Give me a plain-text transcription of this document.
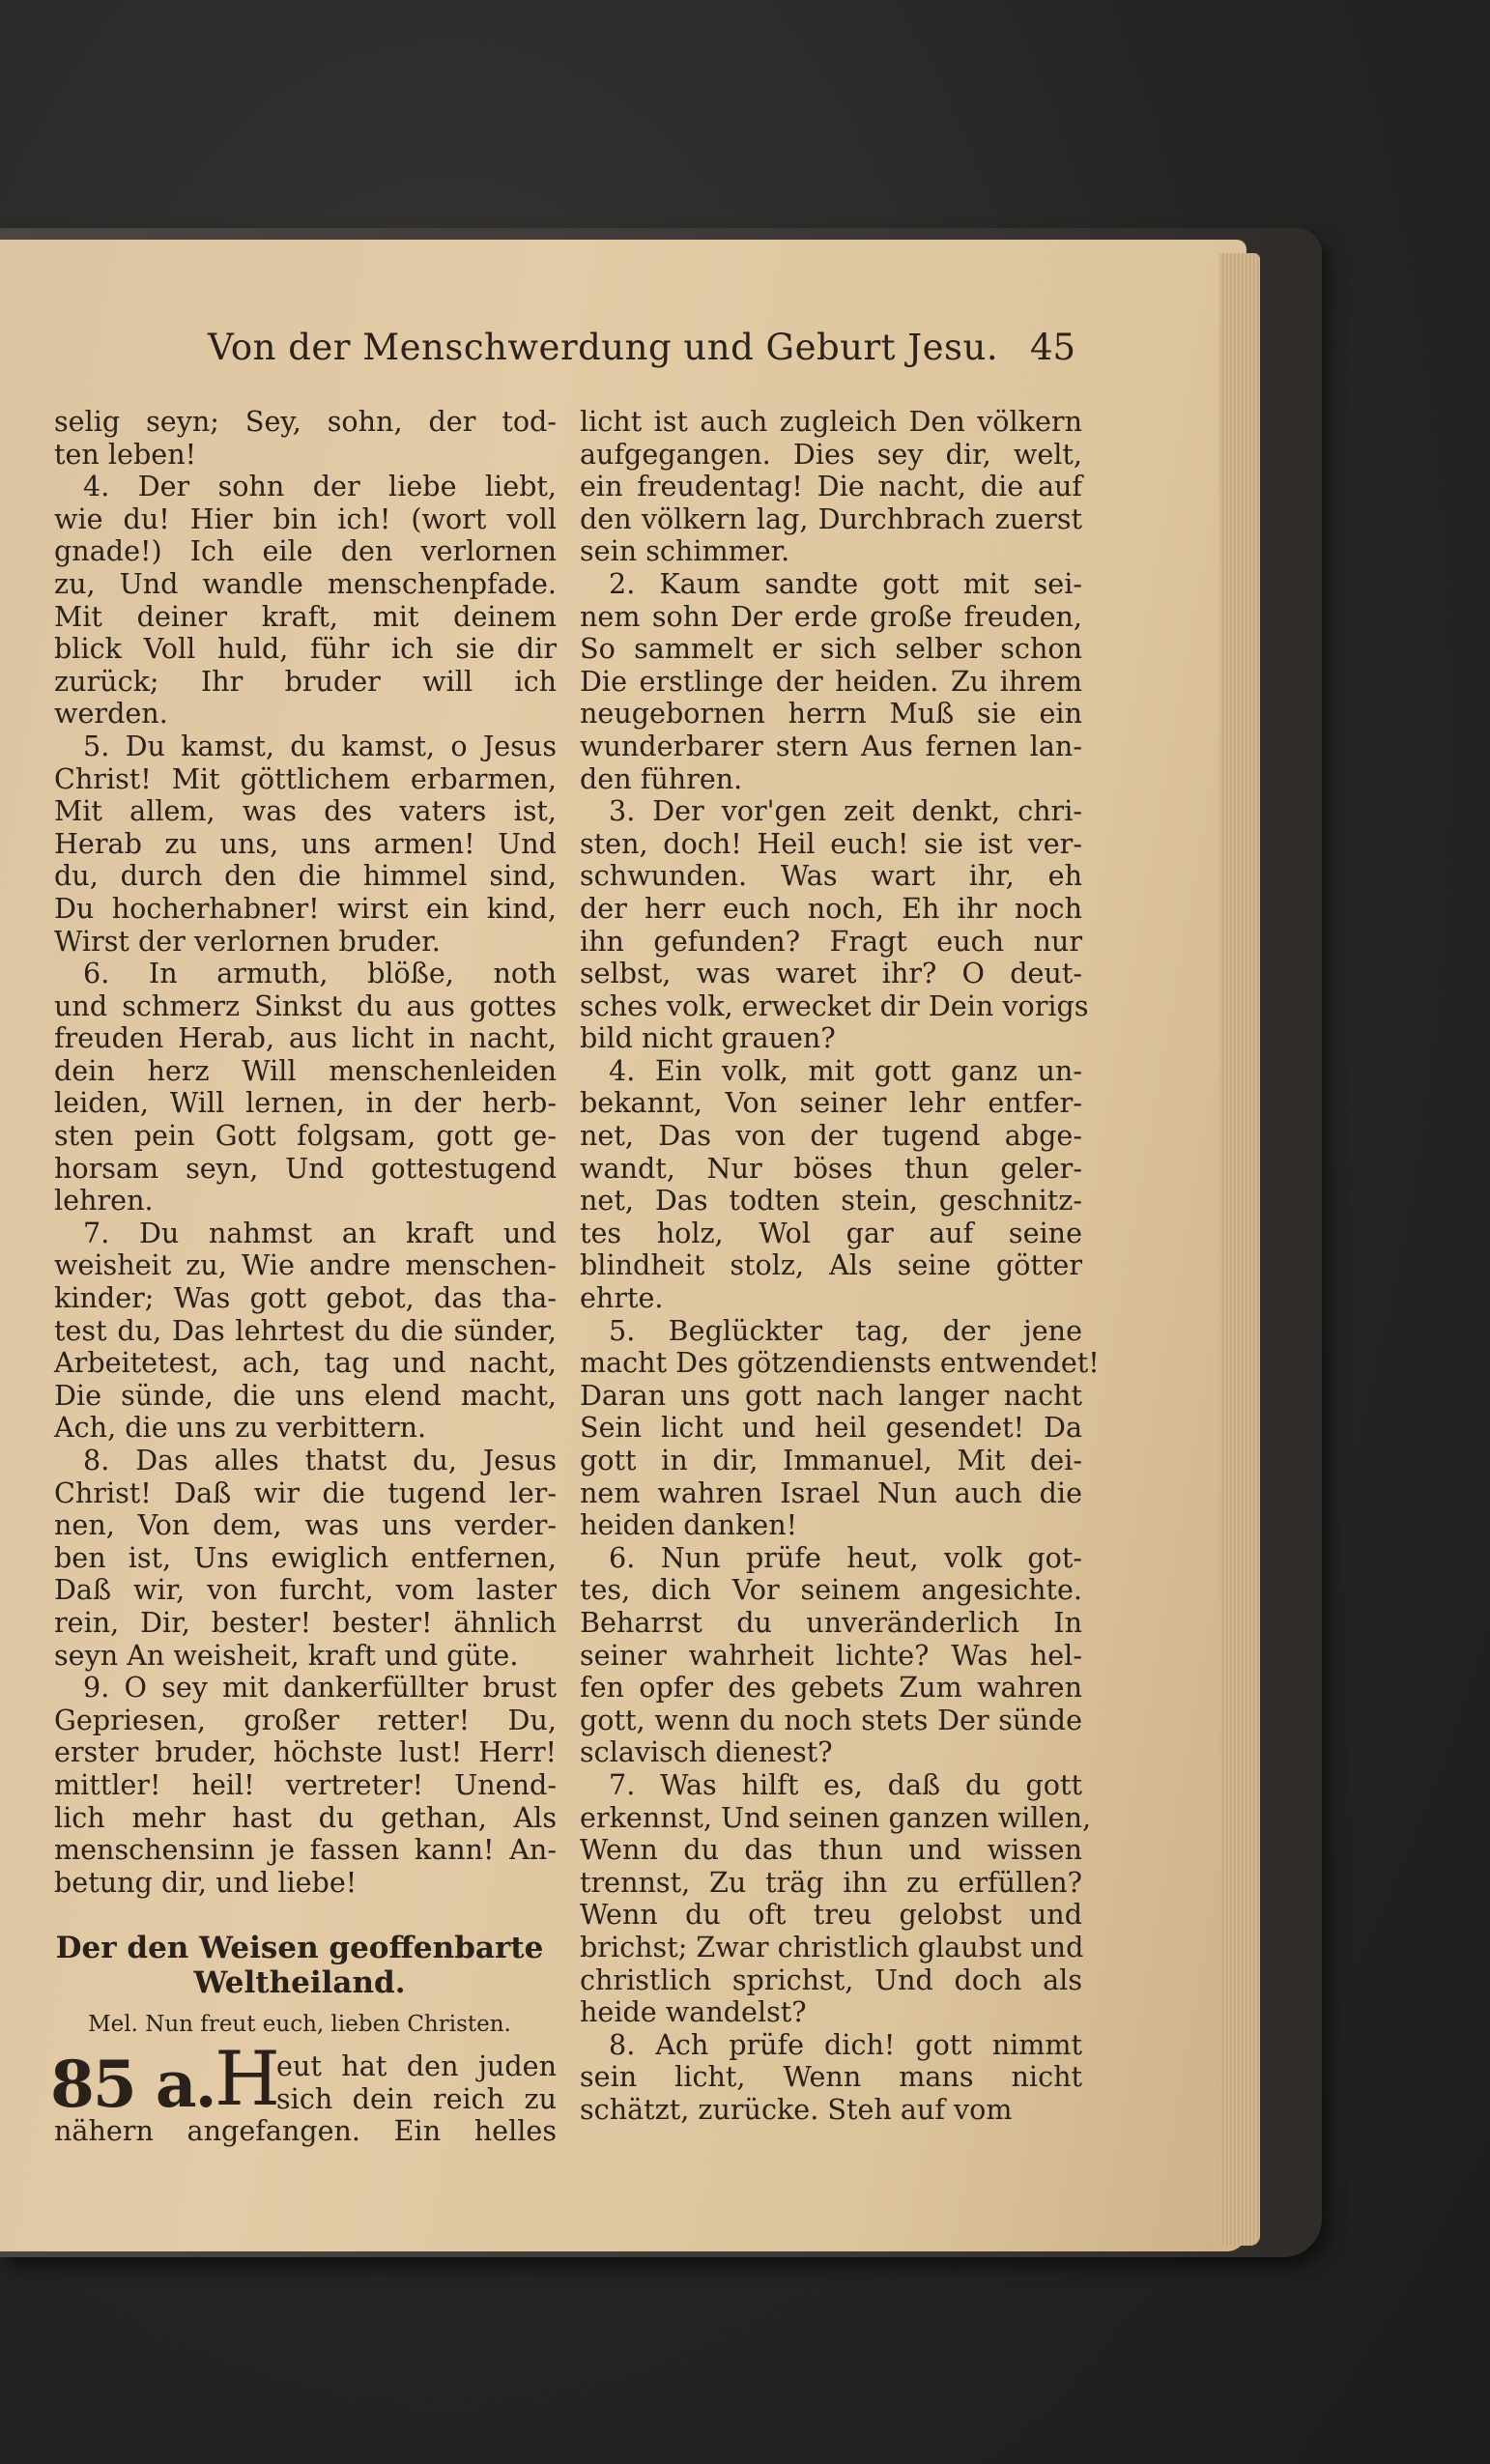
Von der Menschwerdung und Geburt Jesu. 45
selig seyn; Sey, sohn, der tod-
ten leben!
4. Der sohn der liebe liebt,
wie du! Hier bin ich! (wort voll
gnade!) Ich eile den verlornen
zu, Und wandle menschenpfade.
Mit deiner kraft, mit deinem
blick Voll huld, führ ich sie dir
zurück; Ihr bruder will ich
werden.
5. Du kamst, du kamst, o Jesus
Christ! Mit göttlichem erbarmen,
Mit allem, was des vaters ist,
Herab zu uns, uns armen! Und
du, durch den die himmel sind,
Du hocherhabner! wirst ein kind,
Wirst der verlornen bruder.
6. In armuth, blöße, noth
und schmerz Sinkst du aus gottes
freuden Herab, aus licht in nacht,
dein herz Will menschenleiden
leiden, Will lernen, in der herb-
sten pein Gott folgsam, gott ge-
horsam seyn, Und gottestugend
lehren.
7. Du nahmst an kraft und
weisheit zu, Wie andre menschen-
kinder; Was gott gebot, das tha-
test du, Das lehrtest du die sünder,
Arbeitetest, ach, tag und nacht,
Die sünde, die uns elend macht,
Ach, die uns zu verbittern.
8. Das alles thatst du, Jesus
Christ! Daß wir die tugend ler-
nen, Von dem, was uns verder-
ben ist, Uns ewiglich entfernen,
Daß wir, von furcht, vom laster
rein, Dir, bester! bester! ähnlich
seyn An weisheit, kraft und güte.
9. O sey mit dankerfüllter brust
Gepriesen, großer retter! Du,
erster bruder, höchste lust! Herr!
mittler! heil! vertreter! Unend-
lich mehr hast du gethan, Als
menschensinn je fassen kann! An-
betung dir, und liebe!
licht ist auch zugleich Den völkern
aufgegangen. Dies sey dir, welt,
ein freudentag! Die nacht, die auf
den völkern lag, Durchbrach zuerst
sein schimmer.
2. Kaum sandte gott mit sei-
nem sohn Der erde große freuden,
So sammelt er sich selber schon
Die erstlinge der heiden. Zu ihrem
neugebornen herrn Muß sie ein
wunderbarer stern Aus fernen lan-
den führen.
3. Der vor'gen zeit denkt, chri-
sten, doch! Heil euch! sie ist ver-
schwunden. Was wart ihr, eh
der herr euch noch, Eh ihr noch
ihn gefunden? Fragt euch nur
selbst, was waret ihr? O deut-
sches volk, erwecket dir Dein vorigs
bild nicht grauen?
4. Ein volk, mit gott ganz un-
bekannt, Von seiner lehr entfer-
net, Das von der tugend abge-
wandt, Nur böses thun geler-
net, Das todten stein, geschnitz-
tes holz, Wol gar auf seine
blindheit stolz, Als seine götter
ehrte.
5. Beglückter tag, der jene
macht Des götzendiensts entwendet!
Daran uns gott nach langer nacht
Sein licht und heil gesendet! Da
gott in dir, Immanuel, Mit dei-
nem wahren Israel Nun auch die
heiden danken!
6. Nun prüfe heut, volk got-
tes, dich Vor seinem angesichte.
Beharrst du unveränderlich In
seiner wahrheit lichte? Was hel-
fen opfer des gebets Zum wahren
gott, wenn du noch stets Der sünde
sclavisch dienest?
7. Was hilft es, daß du gott
erkennst, Und seinen ganzen willen,
Wenn du das thun und wissen
trennst, Zu träg ihn zu erfüllen?
Wenn du oft treu gelobst und
brichst; Zwar christlich glaubst und
christlich sprichst, Und doch als
heide wandelst?
8. Ach prüfe dich! gott nimmt
sein licht, Wenn mans nicht
schätzt, zurücke. Steh auf vom
Der den Weisen geoffenbarte Weltheiland.
Mel. Nun freut euch, lieben Christen.
85 a. H
eut hat den juden
sich dein reich zu
nähern angefangen. Ein helles
